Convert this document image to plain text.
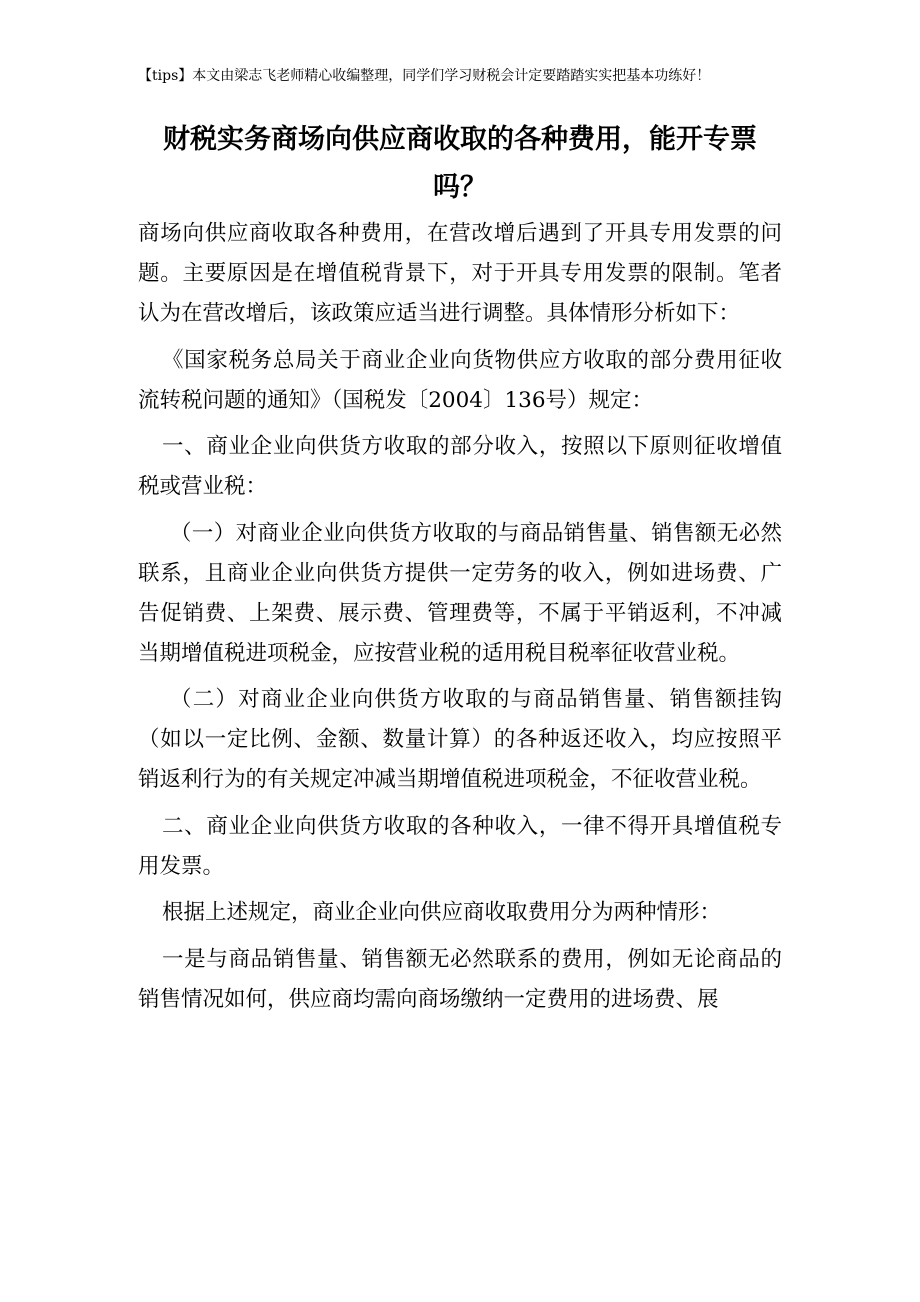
【tips】本文由梁志飞老师精心收编整理，同学们学习财税会计定要踏踏实实把基本功练好！
财税实务商场向供应商收取的各种费用，能开专票吗？

商场向供应商收取各种费用，在营改增后遇到了开具专用发票的问题。主要原因是在增值税背景下，对于开具专用发票的限制。笔者认为在营改增后，该政策应适当进行调整。具体情形分析如下：

《国家税务总局关于商业企业向货物供应方收取的部分费用征收流转税问题的通知》（国税发〔2004〕136号）规定：

一、商业企业向供货方收取的部分收入，按照以下原则征收增值税或营业税：

（一）对商业企业向供货方收取的与商品销售量、销售额无必然联系，且商业企业向供货方提供一定劳务的收入，例如进场费、广告促销费、上架费、展示费、管理费等，不属于平销返利，不冲减当期增值税进项税金，应按营业税的适用税目税率征收营业税。

（二）对商业企业向供货方收取的与商品销售量、销售额挂钩（如以一定比例、金额、数量计算）的各种返还收入，均应按照平销返利行为的有关规定冲减当期增值税进项税金，不征收营业税。

二、商业企业向供货方收取的各种收入，一律不得开具增值税专用发票。

根据上述规定，商业企业向供应商收取费用分为两种情形：

一是与商品销售量、销售额无必然联系的费用，例如无论商品的销售情况如何，供应商均需向商场缴纳一定费用的进场费、展
